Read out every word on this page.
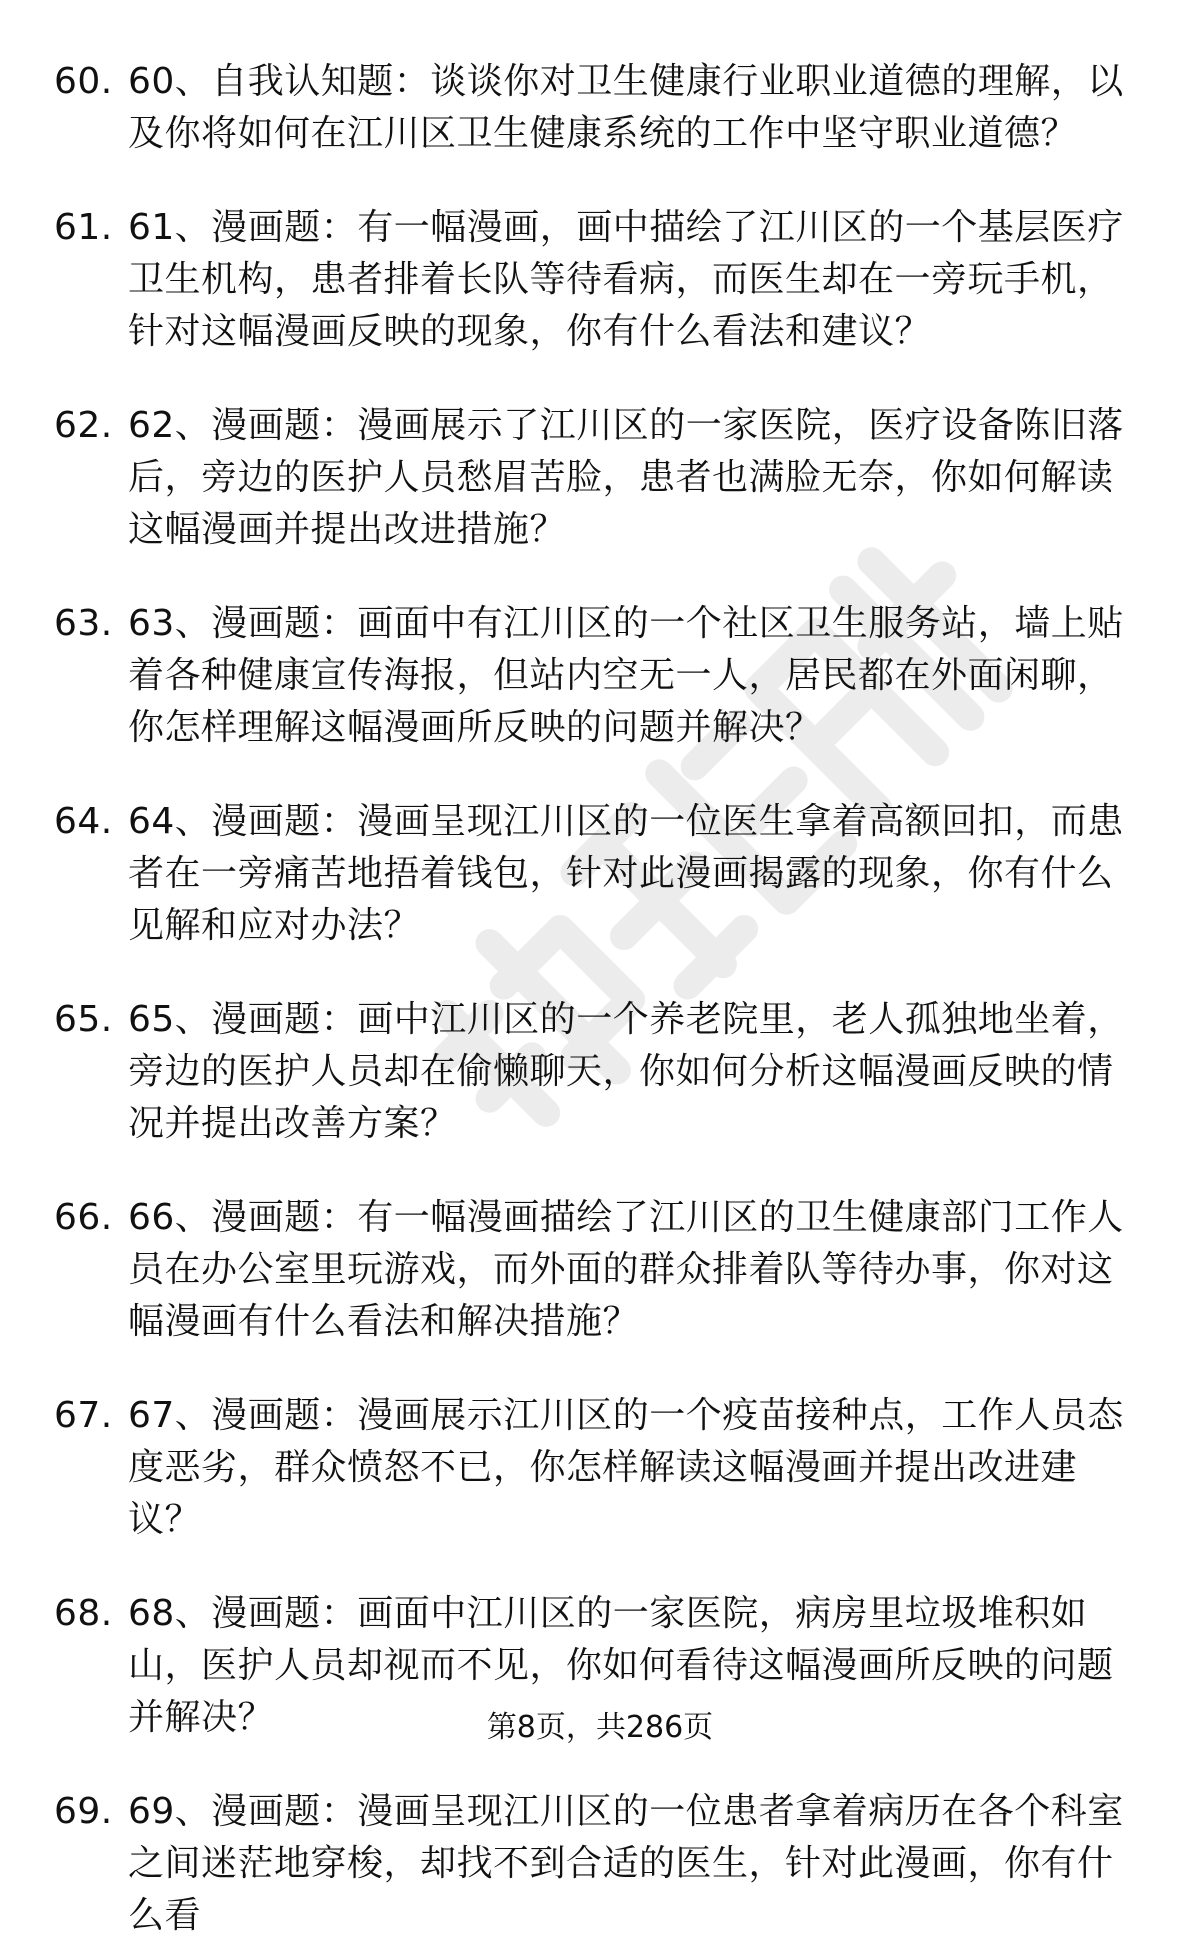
60. 60、自我认知题：谈谈你对卫生健康行业职业道德的理解，以及你将如何在江川区卫生健康系统的工作中坚守职业道德？
61. 61、漫画题：有一幅漫画，画中描绘了江川区的一个基层医疗卫生机构，患者排着长队等待看病，而医生却在一旁玩手机，针对这幅漫画反映的现象，你有什么看法和建议？
62. 62、漫画题：漫画展示了江川区的一家医院，医疗设备陈旧落后，旁边的医护人员愁眉苦脸，患者也满脸无奈，你如何解读这幅漫画并提出改进措施？
63. 63、漫画题：画面中有江川区的一个社区卫生服务站，墙上贴着各种健康宣传海报，但站内空无一人，居民都在外面闲聊，你怎样理解这幅漫画所反映的问题并解决？
64. 64、漫画题：漫画呈现江川区的一位医生拿着高额回扣，而患者在一旁痛苦地捂着钱包，针对此漫画揭露的现象，你有什么见解和应对办法？
65. 65、漫画题：画中江川区的一个养老院里，老人孤独地坐着，旁边的医护人员却在偷懒聊天，你如何分析这幅漫画反映的情况并提出改善方案？
66. 66、漫画题：有一幅漫画描绘了江川区的卫生健康部门工作人员在办公室里玩游戏，而外面的群众排着队等待办事，你对这幅漫画有什么看法和解决措施？
67. 67、漫画题：漫画展示江川区的一个疫苗接种点，工作人员态度恶劣，群众愤怒不已，你怎样解读这幅漫画并提出改进建议？
68. 68、漫画题：画面中江川区的一家医院，病房里垃圾堆积如山，医护人员却视而不见，你如何看待这幅漫画所反映的问题并解决？
69. 69、漫画题：漫画呈现江川区的一位患者拿着病历在各个科室之间迷茫地穿梭，却找不到合适的医生，针对此漫画，你有什么看
第8页，共286页
